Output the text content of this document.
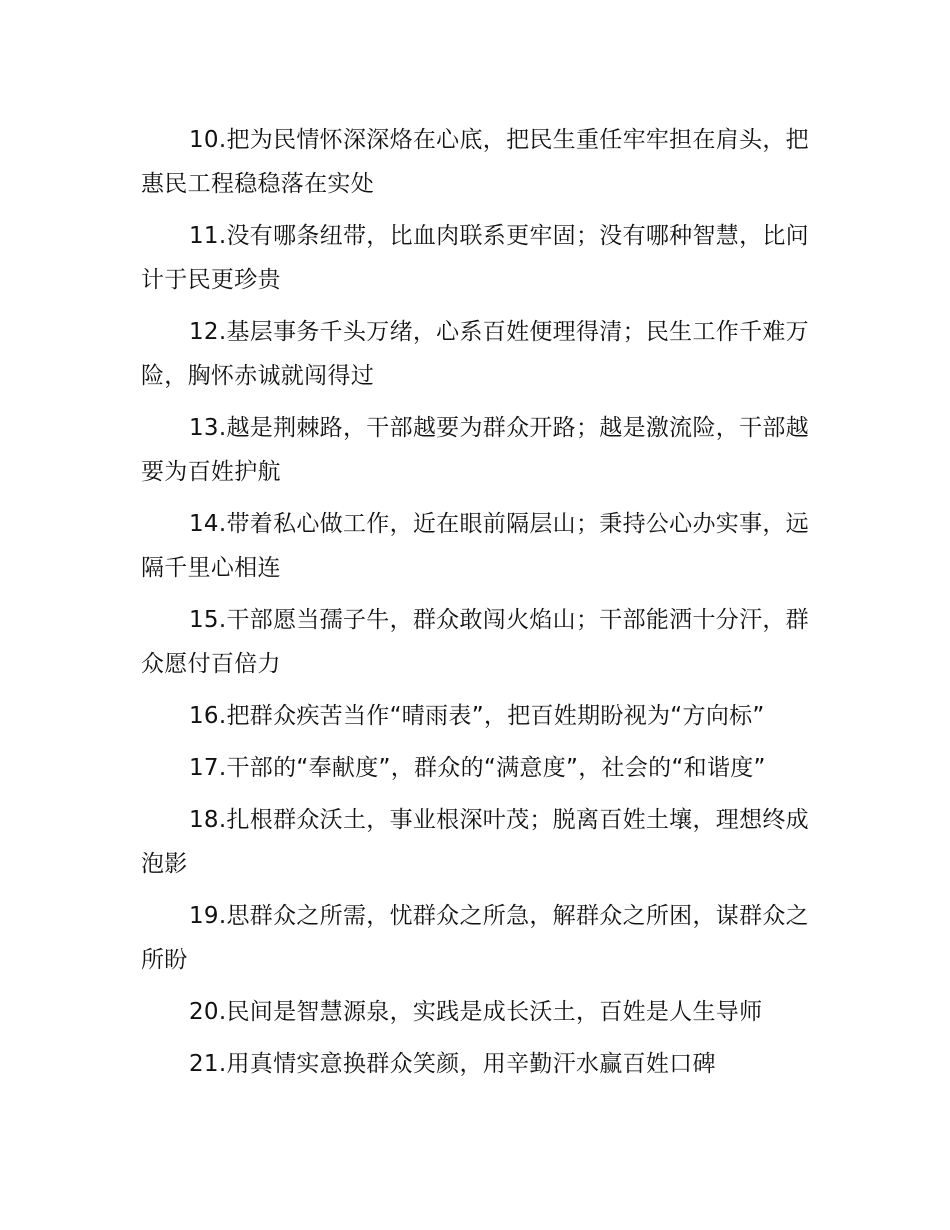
10.把为民情怀深深烙在心底，把民生重任牢牢担在肩头，把惠民工程稳稳落在实处

11.没有哪条纽带，比血肉联系更牢固；没有哪种智慧，比问计于民更珍贵

12.基层事务千头万绪，心系百姓便理得清；民生工作千难万险，胸怀赤诚就闯得过

13.越是荆棘路，干部越要为群众开路；越是激流险，干部越要为百姓护航

14.带着私心做工作，近在眼前隔层山；秉持公心办实事，远隔千里心相连

15.干部愿当孺子牛，群众敢闯火焰山；干部能洒十分汗，群众愿付百倍力

16.把群众疾苦当作“晴雨表”，把百姓期盼视为“方向标”

17.干部的“奉献度”，群众的“满意度”，社会的“和谐度”

18.扎根群众沃土，事业根深叶茂；脱离百姓土壤，理想终成泡影

19.思群众之所需，忧群众之所急，解群众之所困，谋群众之所盼

20.民间是智慧源泉，实践是成长沃土，百姓是人生导师

21.用真情实意换群众笑颜，用辛勤汗水赢百姓口碑
